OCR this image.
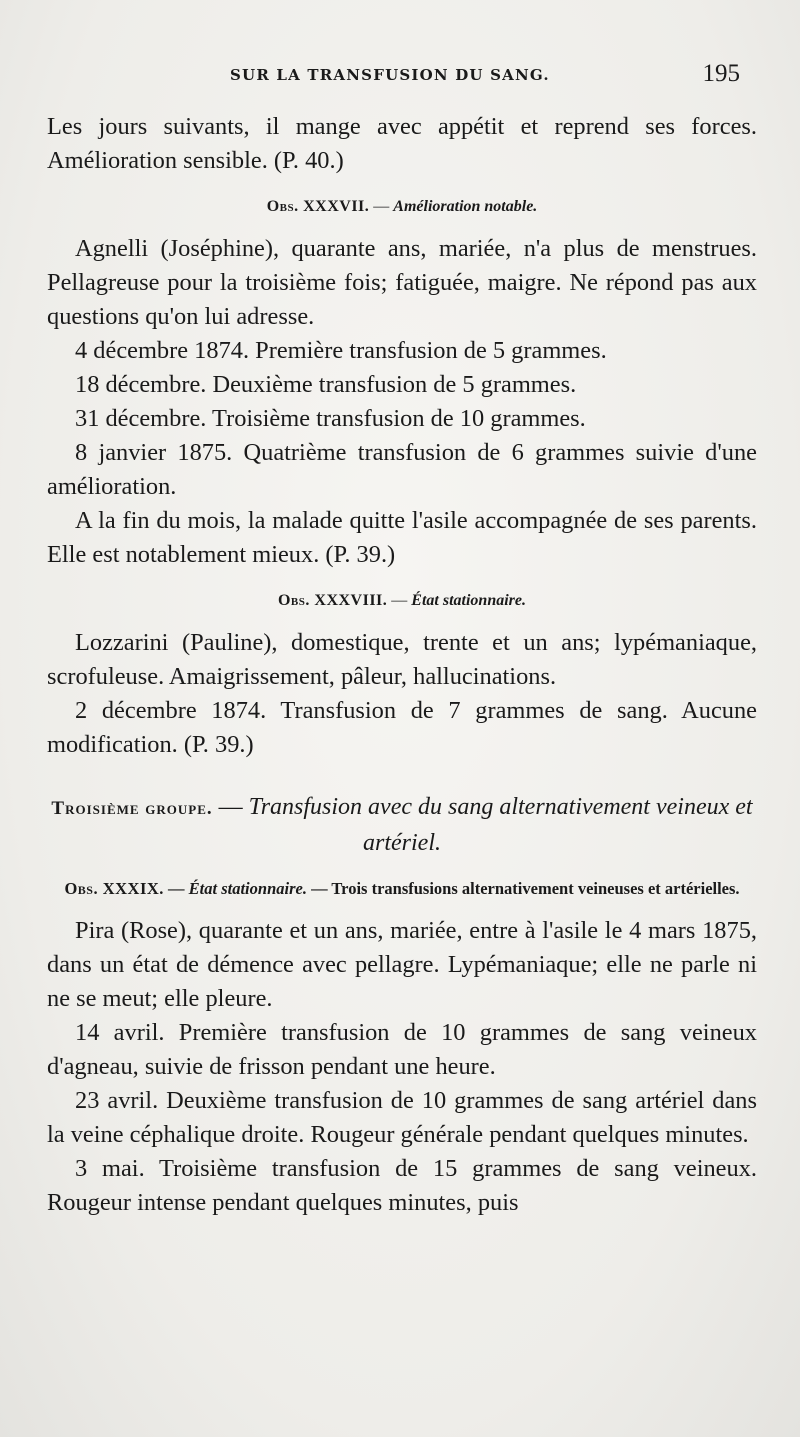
SUR LA TRANSFUSION DU SANG.	195

Les jours suivants, il mange avec appétit et reprend ses forces. Amélioration sensible. (P. 40.)

Obs. XXXVII. — Amélioration notable.

Agnelli (Joséphine), quarante ans, mariée, n'a plus de menstrues. Pellagreuse pour la troisième fois; fatiguée, maigre. Ne répond pas aux questions qu'on lui adresse.

4 décembre 1874. Première transfusion de 5 grammes.

18 décembre. Deuxième transfusion de 5 grammes.

31 décembre. Troisième transfusion de 10 grammes.

8 janvier 1875. Quatrième transfusion de 6 grammes suivie d'une amélioration.

A la fin du mois, la malade quitte l'asile accompagnée de ses parents. Elle est notablement mieux. (P. 39.)

Obs. XXXVIII. — État stationnaire.

Lozzarini (Pauline), domestique, trente et un ans; lypémaniaque, scrofuleuse. Amaigrissement, pâleur, hallucinations.

2 décembre 1874. Transfusion de 7 grammes de sang. Aucune modification. (P. 39.)

Troisième groupe. — Transfusion avec du sang alternativement veineux et artériel.
Obs. XXXIX. — État stationnaire. — Trois transfusions alternativement veineuses et artérielles.

Pira (Rose), quarante et un ans, mariée, entre à l'asile le 4 mars 1875, dans un état de démence avec pellagre. Lypémaniaque; elle ne parle ni ne se meut; elle pleure.

14 avril. Première transfusion de 10 grammes de sang veineux d'agneau, suivie de frisson pendant une heure.

23 avril. Deuxième transfusion de 10 grammes de sang artériel dans la veine céphalique droite. Rougeur générale pendant quelques minutes.

3 mai. Troisième transfusion de 15 grammes de sang veineux. Rougeur intense pendant quelques minutes, puis
